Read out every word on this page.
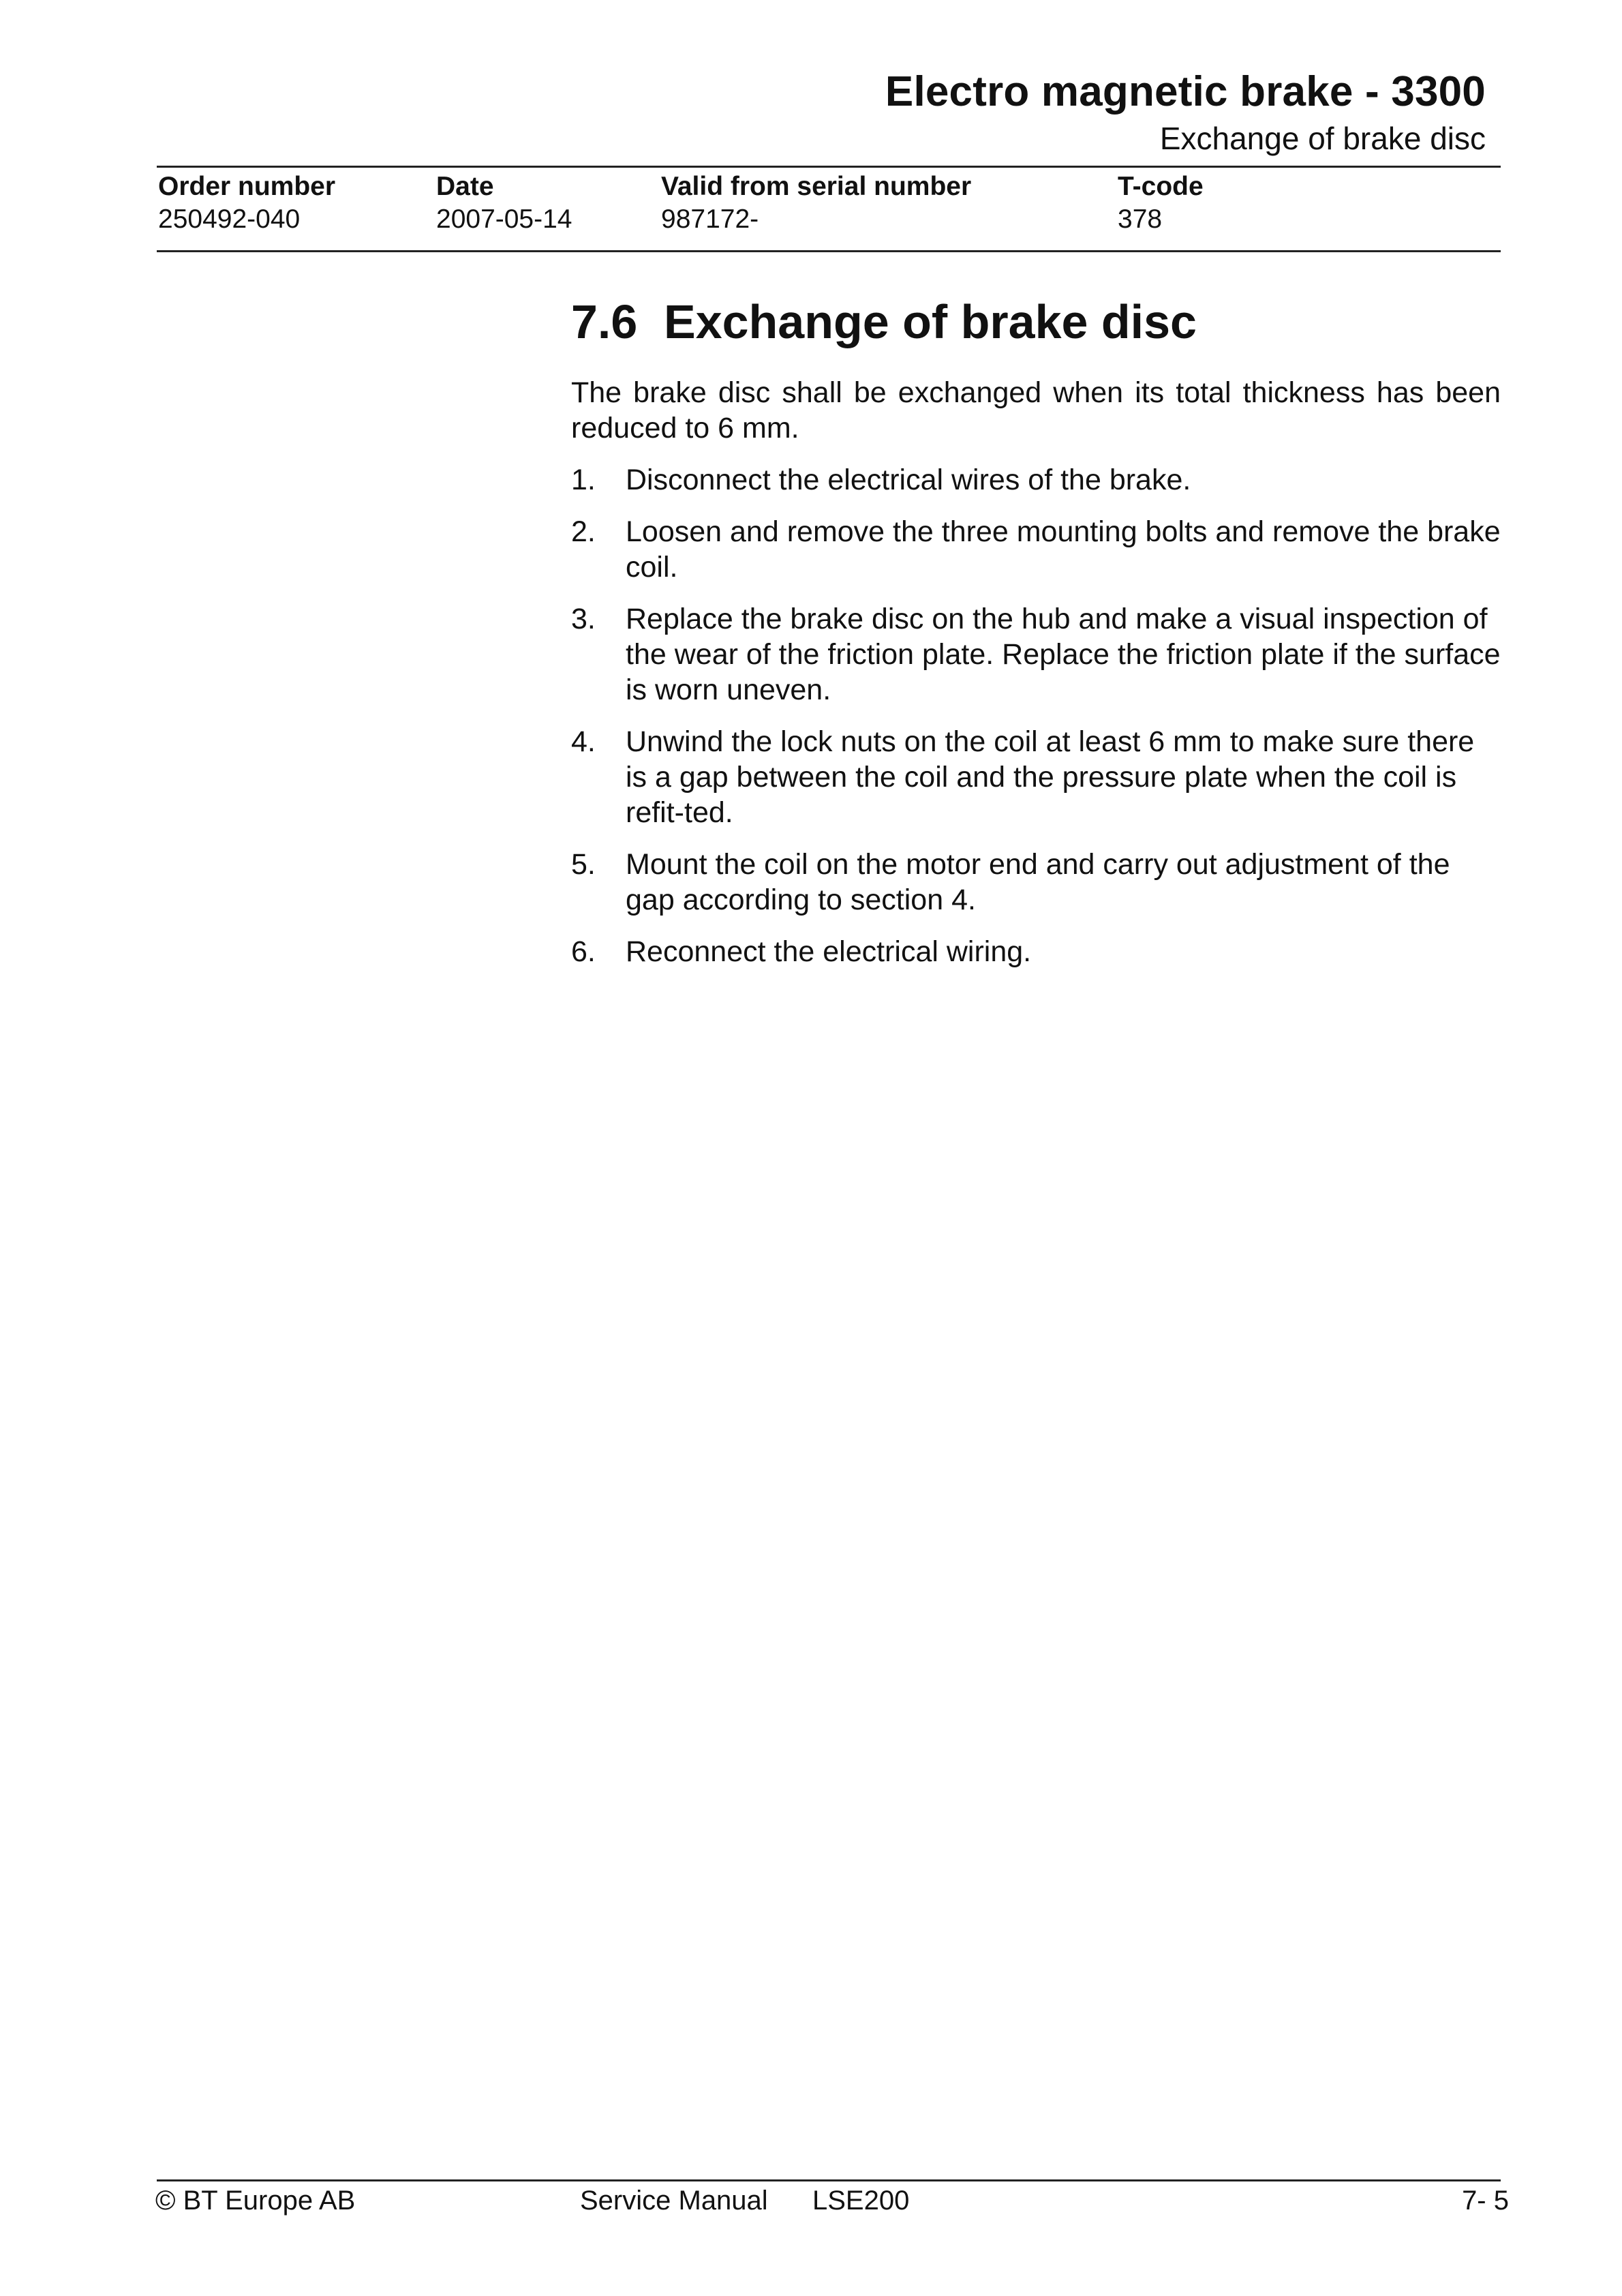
Electro magnetic brake - 3300
Exchange of brake disc
Order number	Date	Valid from serial number	T-code
250492-040	2007-05-14	987172-	378
7.6 Exchange of brake disc

The brake disc shall be exchanged when its total thickness has been reduced to 6 mm.

1.	Disconnect the electrical wires of the brake.
2.	Loosen and remove the three mounting bolts and remove the brake coil.
3.	Replace the brake disc on the hub and make a visual inspection of the wear of the friction plate. Replace the friction plate if the surface is worn uneven.
4.	Unwind the lock nuts on the coil at least 6 mm to make sure there is a gap between the coil and the pressure plate when the coil is refit-ted.
5.	Mount the coil on the motor end and carry out adjustment of the gap according to section 4.
6.	Reconnect the electrical wiring.
© BT Europe AB	Service Manual LSE200	7- 5
